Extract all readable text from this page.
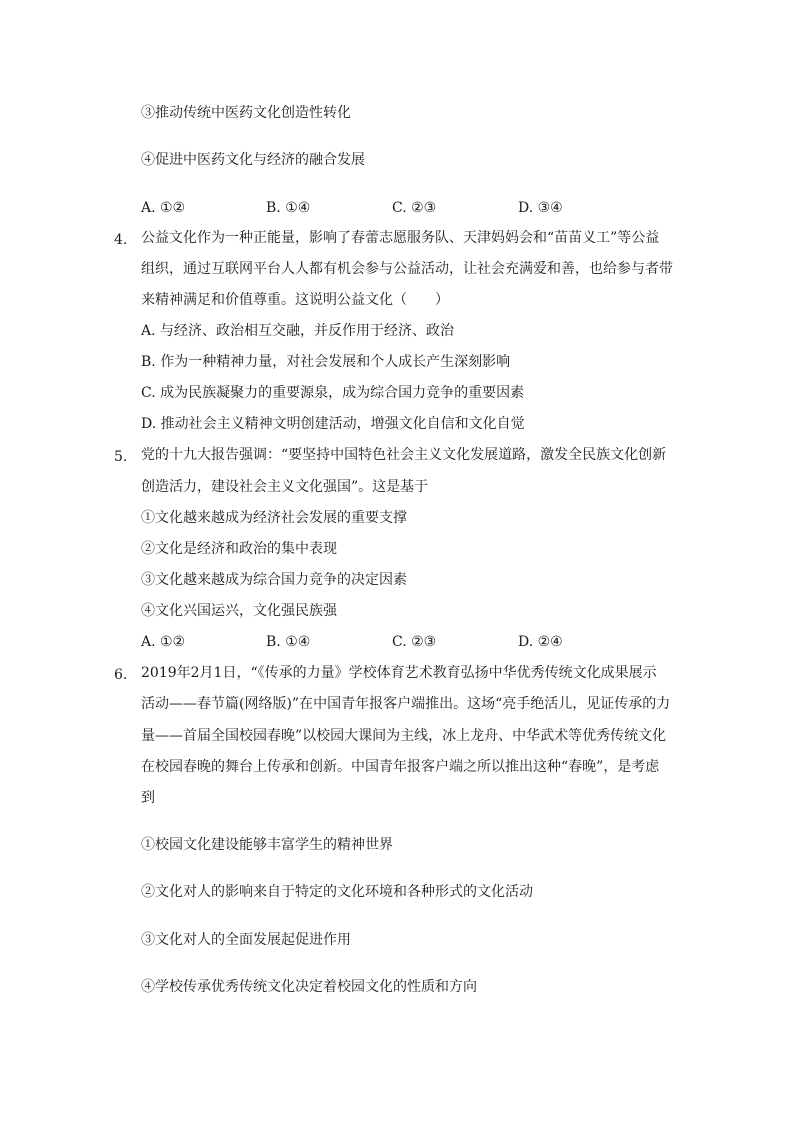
③推动传统中医药文化创造性转化
④促进中医药文化与经济的融合发展
A. ①②	B. ①④	C. ②③	D. ③④
4. 公益文化作为一种正能量，影响了春蕾志愿服务队、天津妈妈会和“苗苗义工”等公益
组织，通过互联网平台人人都有机会参与公益活动，让社会充满爱和善，也给参与者带
来精神满足和价值尊重。这说明公益文化（　　）
A. 与经济、政治相互交融，并反作用于经济、政治
B. 作为一种精神力量，对社会发展和个人成长产生深刻影响
C. 成为民族凝聚力的重要源泉，成为综合国力竞争的重要因素
D. 推动社会主义精神文明创建活动，增强文化自信和文化自觉
5. 党的十九大报告强调：“要坚持中国特色社会主义文化发展道路，激发全民族文化创新
创造活力，建设社会主义文化强国”。这是基于
①文化越来越成为经济社会发展的重要支撑
②文化是经济和政治的集中表现
③文化越来越成为综合国力竞争的决定因素
④文化兴国运兴，文化强民族强
A. ①②	B. ①④	C. ②③	D. ②④
6. 2019年2月1日，“《传承的力量》学校体育艺术教育弘扬中华优秀传统文化成果展示
活动——春节篇(网络版)”在中国青年报客户端推出。这场“亮手绝活儿，见证传承的力
量——首届全国校园春晚”以校园大课间为主线，冰上龙舟、中华武术等优秀传统文化
在校园春晚的舞台上传承和创新。中国青年报客户端之所以推出这种“春晚”，是考虑
到
①校园文化建设能够丰富学生的精神世界
②文化对人的影响来自于特定的文化环境和各种形式的文化活动
③文化对人的全面发展起促进作用
④学校传承优秀传统文化决定着校园文化的性质和方向
